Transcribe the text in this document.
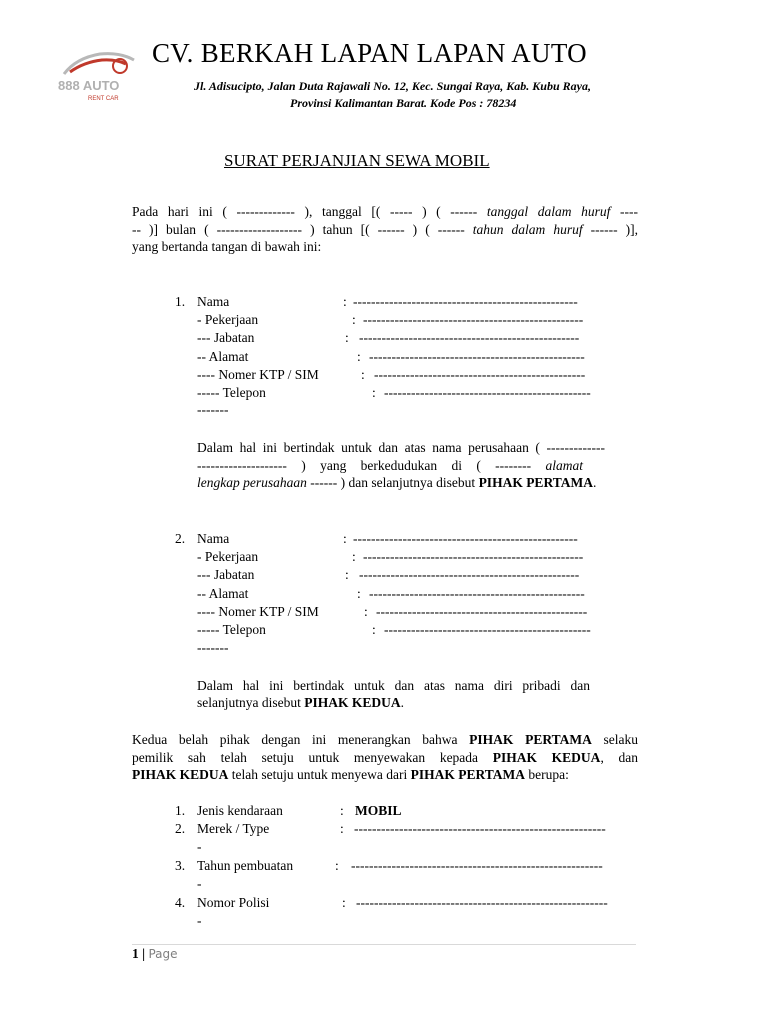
888 AUTO
RENT CAR
CV. BERKAH LAPAN LAPAN AUTO
Jl. Adisucipto, Jalan Duta Rajawali No. 12, Kec. Sungai Raya, Kab. Kubu Raya,
Provinsi Kalimantan Barat. Kode Pos : 78234
SURAT PERJANJIAN SEWA MOBIL
Pada hari ini ( ------------- ), tanggal [( ----- ) ( ------ tanggal dalam huruf ----
-- )] bulan ( ------------------- ) tahun [( ------ ) ( ------ tahun dalam huruf ------ )],
yang bertanda tangan di bawah ini:
1. Nama	: --------------------------------------------------
- Pekerjaan	: -------------------------------------------------
--- Jabatan	: -------------------------------------------------
-- Alamat	: ------------------------------------------------
---- Nomer KTP / SIM	: -----------------------------------------------
----- Telepon	: ----------------------------------------------
-------
Dalam hal ini bertindak untuk dan atas nama perusahaan ( -------------
-------------------- ) yang berkedudukan di ( -------- alamat
lengkap perusahaan ------ ) dan selanjutnya disebut PIHAK PERTAMA.
2. Nama	: --------------------------------------------------
- Pekerjaan	: -------------------------------------------------
--- Jabatan	: -------------------------------------------------
-- Alamat	: ------------------------------------------------
---- Nomer KTP / SIM	: -----------------------------------------------
----- Telepon	: ----------------------------------------------
-------
Dalam hal ini bertindak untuk dan atas nama diri pribadi dan
selanjutnya disebut PIHAK KEDUA.
Kedua belah pihak dengan ini menerangkan bahwa PIHAK PERTAMA selaku
pemilik sah telah setuju untuk menyewakan kepada PIHAK KEDUA, dan
PIHAK KEDUA telah setuju untuk menyewa dari PIHAK PERTAMA berupa:
1. Jenis kendaraan	: MOBIL
2. Merek / Type	: --------------------------------------------------------
-
3. Tahun pembuatan	: --------------------------------------------------------
-
4. Nomor Polisi	: --------------------------------------------------------
-
1 | Page
